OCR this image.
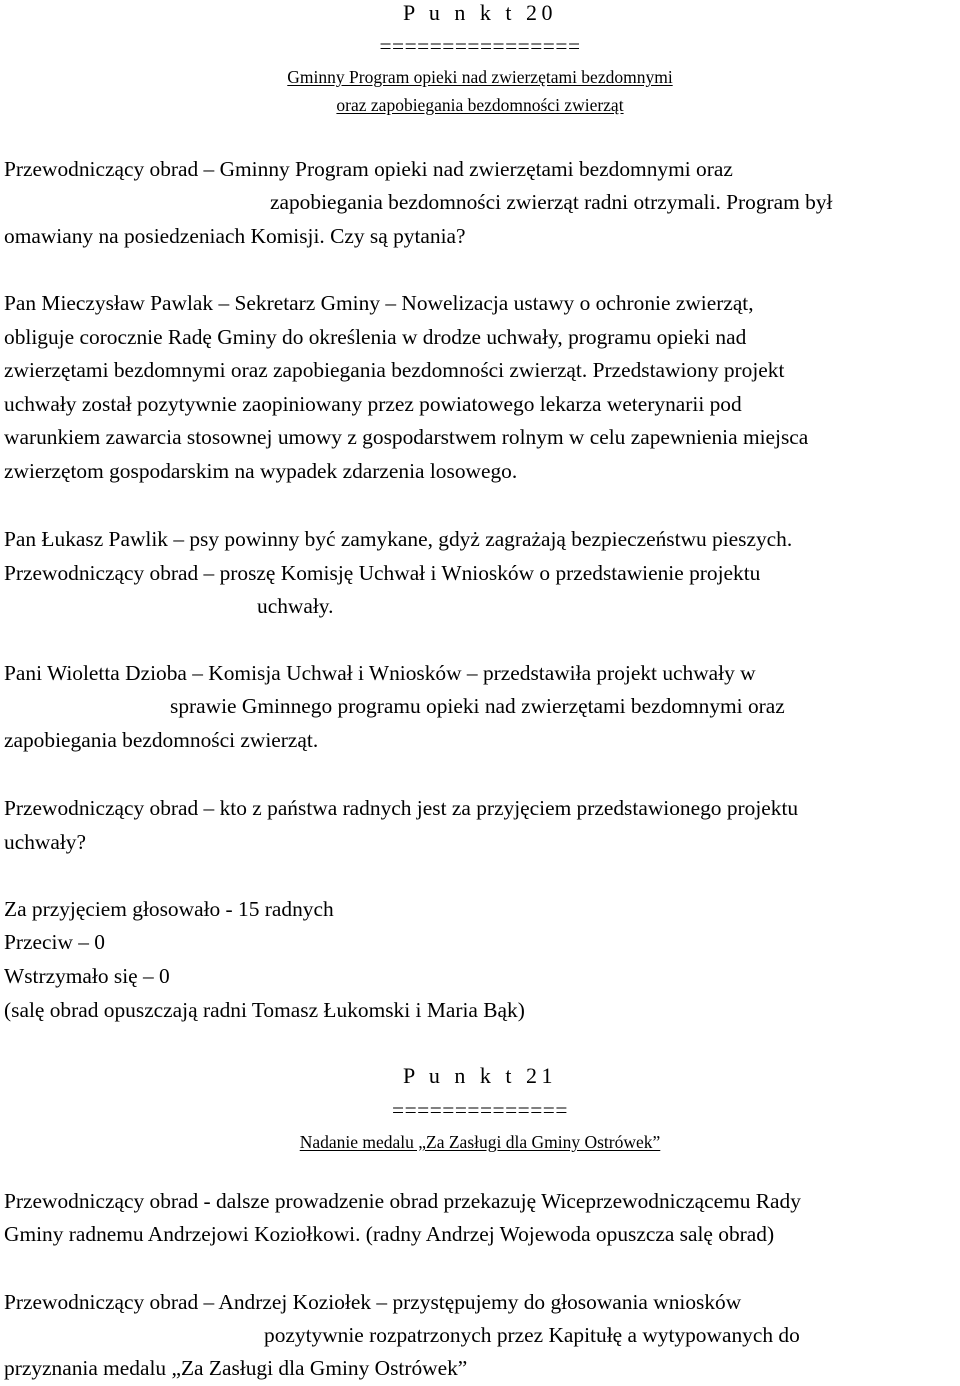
P u n k t 20
================
Gminny Program opieki nad zwierzętami bezdomnymi
oraz zapobiegania bezdomności zwierząt
Przewodniczący obrad – Gminny Program opieki nad zwierzętami bezdomnymi oraz
zapobiegania bezdomności zwierząt radni otrzymali. Program był
omawiany na posiedzeniach Komisji. Czy są pytania?
Pan Mieczysław Pawlak – Sekretarz Gminy – Nowelizacja ustawy o ochronie zwierząt,
obliguje corocznie Radę Gminy do określenia w drodze uchwały, programu opieki nad
zwierzętami bezdomnymi oraz zapobiegania bezdomności zwierząt. Przedstawiony projekt
uchwały został pozytywnie zaopiniowany przez powiatowego lekarza weterynarii pod
warunkiem zawarcia stosownej umowy z gospodarstwem rolnym w celu zapewnienia miejsca
zwierzętom gospodarskim na wypadek zdarzenia losowego.
Pan Łukasz Pawlik – psy powinny być zamykane, gdyż zagrażają bezpieczeństwu pieszych.
Przewodniczący obrad – proszę Komisję Uchwał i Wniosków o przedstawienie projektu
uchwały.
Pani Wioletta Dzioba – Komisja Uchwał i Wniosków – przedstawiła projekt uchwały w
sprawie Gminnego programu opieki nad zwierzętami bezdomnymi oraz
zapobiegania bezdomności zwierząt.
Przewodniczący obrad – kto z państwa radnych jest za przyjęciem przedstawionego projektu
uchwały?
Za przyjęciem głosowało - 15 radnych
Przeciw – 0
Wstrzymało się – 0
(salę obrad opuszczają radni Tomasz Łukomski i Maria Bąk)
P u n k t 21
==============
Nadanie medalu „Za Zasługi dla Gminy Ostrówek”
Przewodniczący obrad - dalsze prowadzenie obrad przekazuję Wiceprzewodniczącemu Rady
Gminy radnemu Andrzejowi Koziołkowi. (radny Andrzej Wojewoda opuszcza salę obrad)
Przewodniczący obrad – Andrzej Koziołek – przystępujemy do głosowania wniosków
pozytywnie rozpatrzonych przez Kapitułę a wytypowanych do
przyznania medalu „Za Zasługi dla Gminy Ostrówek”
